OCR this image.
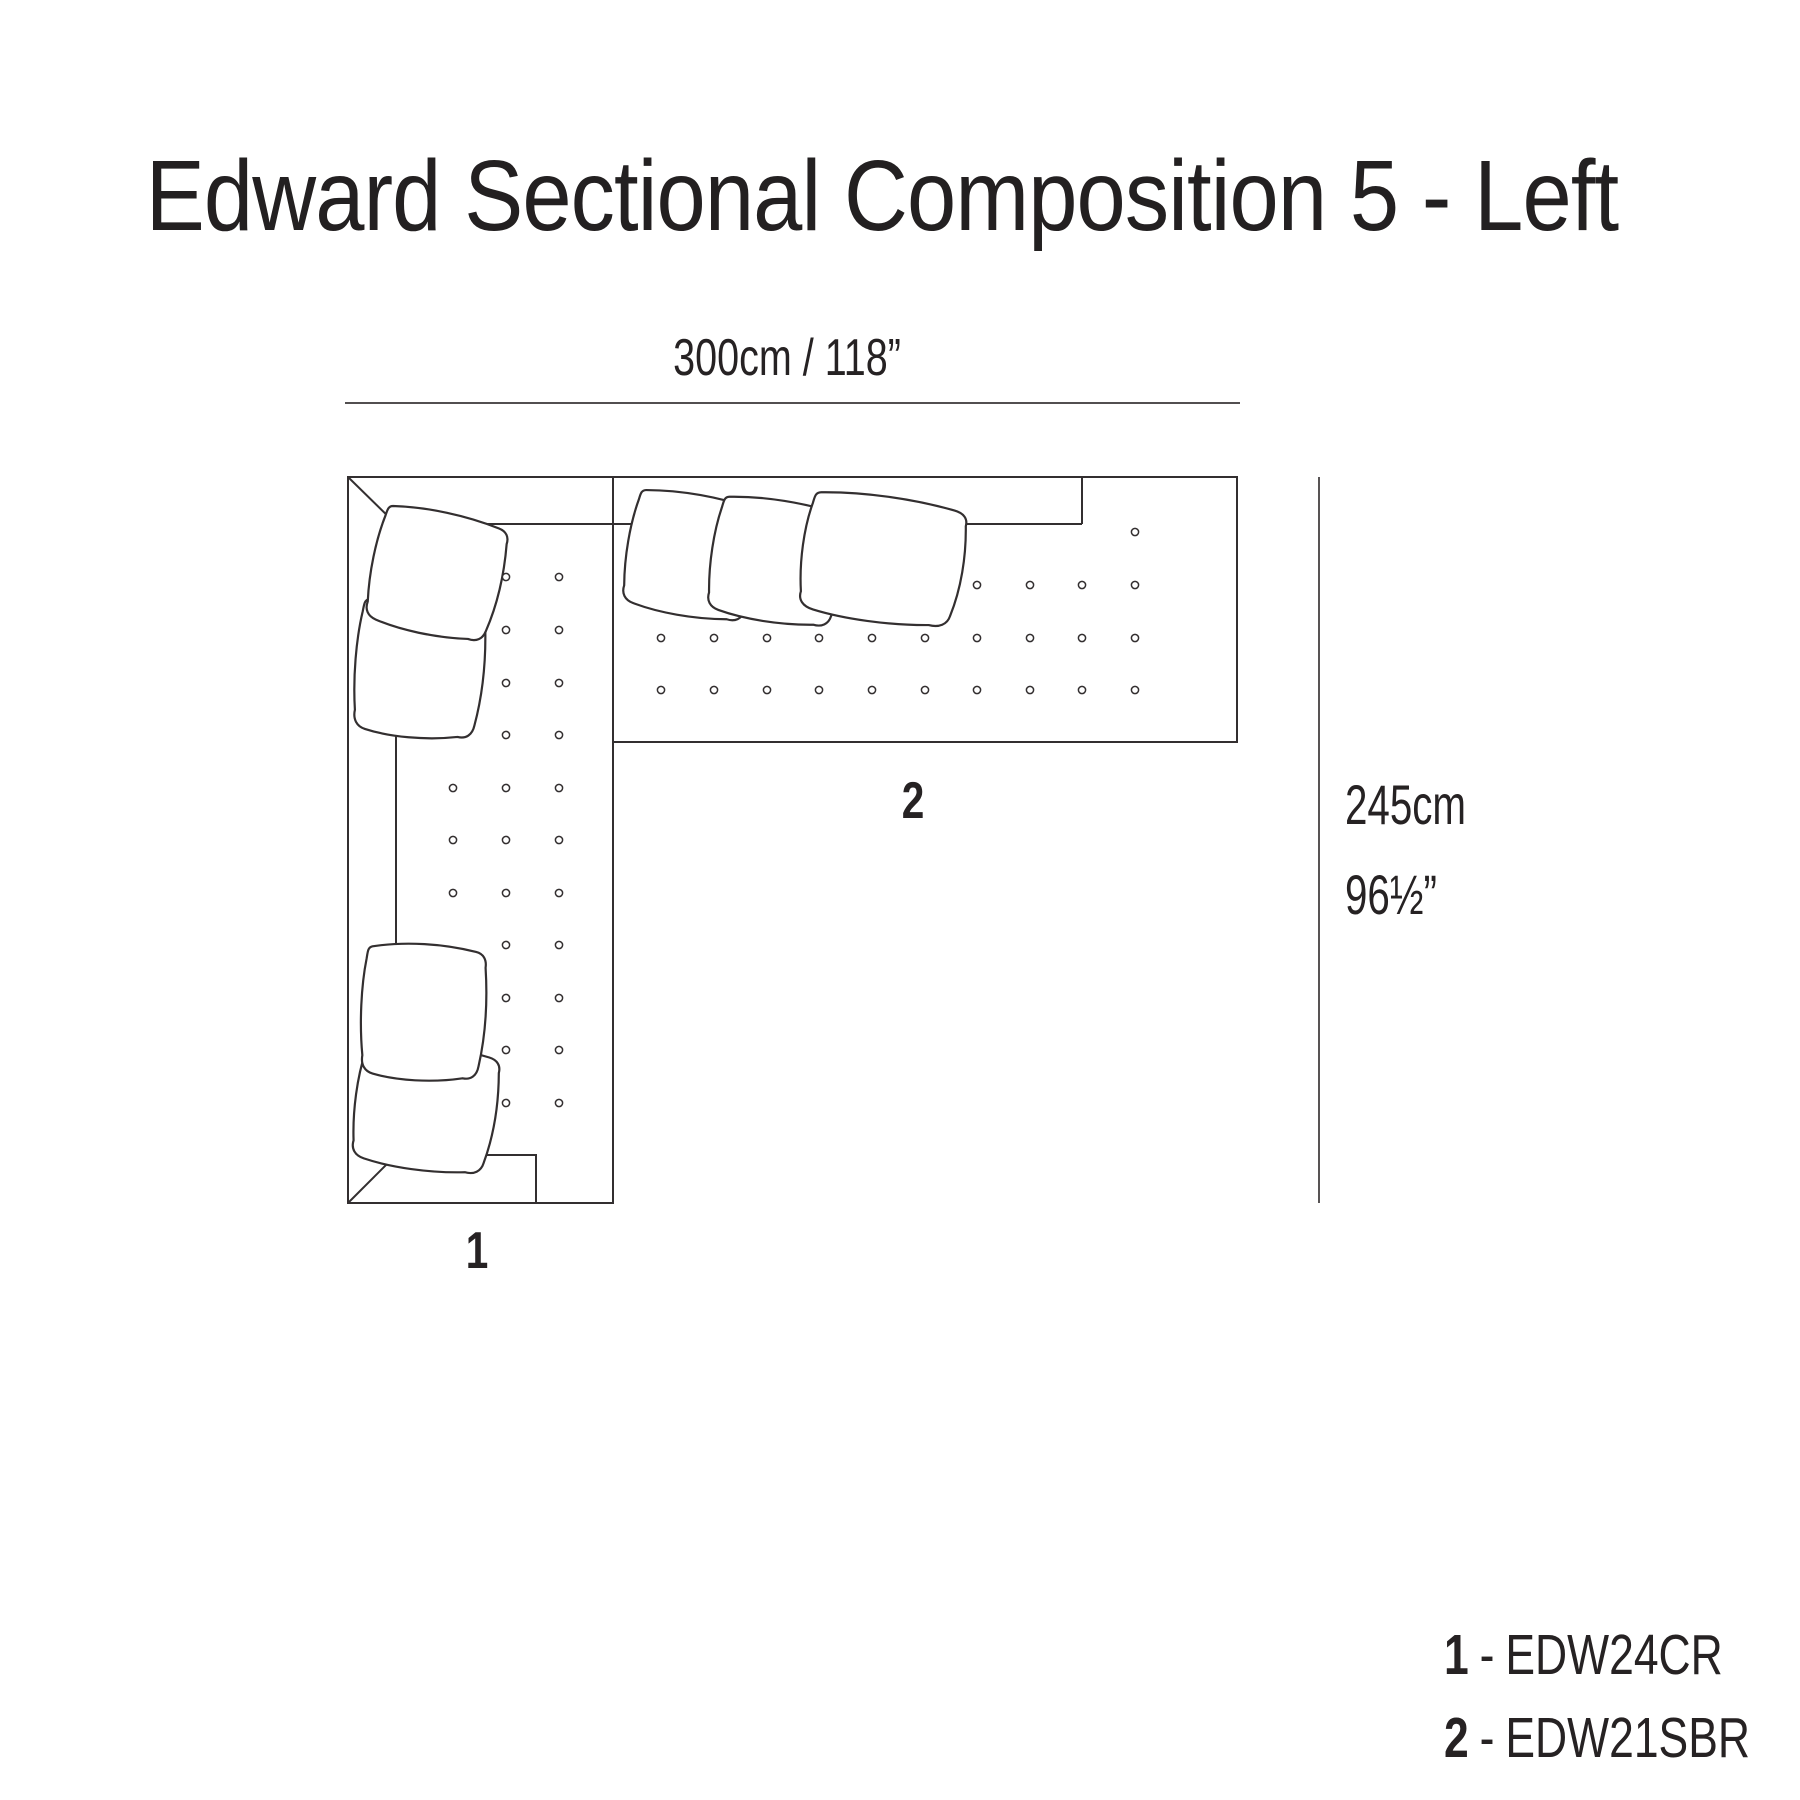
Edward Sectional Composition 5 - Left
300cm / 118”
245cm
96½”
1
2
1 - EDW24CR
2 - EDW21SBR
